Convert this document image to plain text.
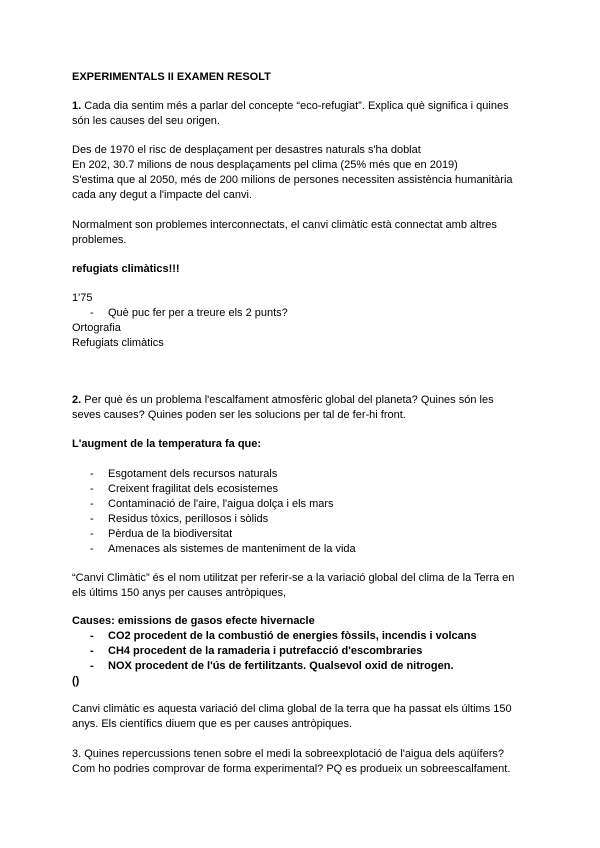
EXPERIMENTALS II EXAMEN RESOLT

1. Cada dia sentim més a parlar del concepte “eco-refugiat”. Explica què significa i quines

són les causes del seu origen.

Des de 1970 el risc de desplaçament per desastres naturals s'ha doblat

En 202, 30.7 milions de nous desplaçaments pel clima (25% més que en 2019)

S'estima que al 2050, més de 200 milions de persones necessiten assistència humanitària

cada any degut a l'impacte del canvi.

Normalment son problemes interconnectats, el canvi climàtic està connectat amb altres

problemes.

refugiats climàtics!!!

1'75

- Què puc fer per a treure els 2 punts?

Ortografia

Refugiats climàtics

2. Per què és un problema l'escalfament atmosfèric global del planeta? Quines són les

seves causes? Quines poden ser les solucions per tal de fer-hi front.

L'augment de la temperatura fa que:

- Esgotament dels recursos naturals
- Creixent fragilitat dels ecosistemes
- Contaminació de l'aire, l'aigua dolça i els mars
- Residus tòxics, perillosos i sòlids
- Pèrdua de la biodiversitat
- Amenaces als sistemes de manteniment de la vida

“Canvi Climàtic” és el nom utilitzat per referir-se a la variació global del clima de la Terra en

els últims 150 anys per causes antròpiques,

Causes: emissions de gasos efecte hivernacle

- CO2 procedent de la combustió de energies fòssils, incendis i volcans
- CH4 procedent de la ramaderia i putrefacció d'escombraries
- NOX procedent de l'ús de fertilitzants. Qualsevol oxid de nitrogen.

()

Canvi climàtic es aquesta variació del clima global de la terra que ha passat els últims 150

anys. Els científics diuem que es per causes antròpiques.

3. Quines repercussions tenen sobre el medi la sobreexplotació de l'aigua dels aqüífers?

Com ho podries comprovar de forma experimental? PQ es produeix un sobreescalfament.
